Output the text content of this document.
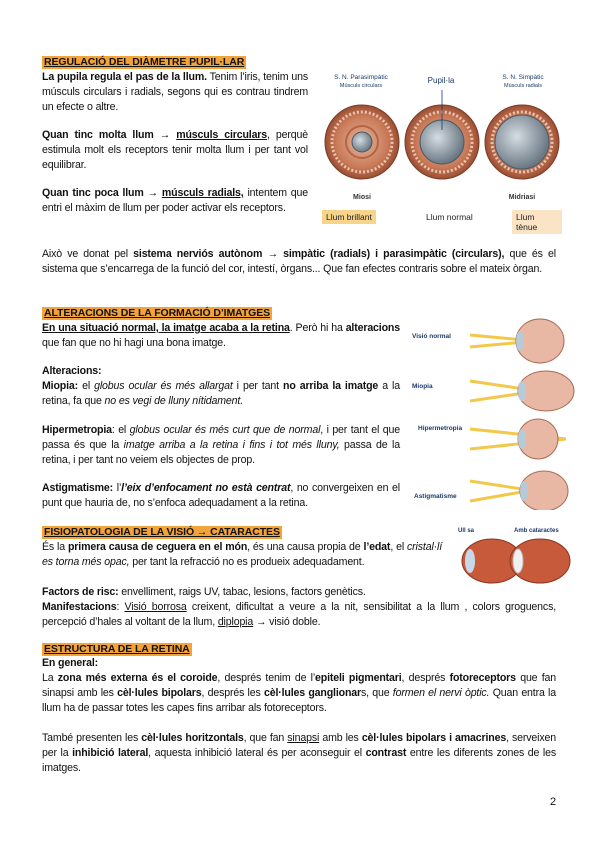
REGULACIÓ DEL DIÀMETRE PUPIL·LAR
La pupila regula el pas de la llum. Tenim l’iris, tenim uns músculs circulars i radials, segons qui es contrau tindrem un efecte o altre.
Quan tinc molta llum → músculs circulars, perquè estimula molt els receptors tenir molta llum i per tant vol equilibrar.
Quan tinc poca llum → músculs radials, intentem que entri el màxim de llum per poder activar els receptors.
Això ve donat pel sistema nerviós autònom → simpàtic (radials) i parasimpàtic (circulars), que és el sistema que s’encarrega de la funció del cor, intestí, òrgans... Que fan efectes contraris sobre el mateix òrgan.
S. N. Parasimpàtic
Músculs circulars
Pupil·la	S. N. Simpàtic
Músculs radials
Miosi	Midriasi
Llum brillant	Llum normal	Llum tènue
ALTERACIONS DE LA FORMACIÓ D’IMATGES
En una situació normal, la imatge acaba a la retina. Però hi ha alteracions que fan que no hi hagi una bona imatge.
Alteracions:
Miopia: el globus ocular és més allargat i per tant no arriba la imatge a la retina, fa que no es vegi de lluny nítidament.
Hipermetropia: el globus ocular és més curt que de normal, i per tant el que passa és que la imatge arriba a la retina i fins i tot més lluny, passa de la retina, i per tant no veiem els objectes de prop.
Astigmatisme: l’l’eix d’enfocament no està centrat, no convergeixen en el punt que hauria de, no s’enfoca adequadament a la retina.
Visió normal
Miopia
Hipermetropia
Astigmatisme
FISIOPATOLOGIA DE LA VISIÓ → CATARACTES
És la primera causa de ceguera en el món, és una causa propia de l’edat, el cristal·lí es torna més opac, per tant la refracció no es produeix adequadament.
Factors de risc: envelliment, raigs UV, tabac, lesions, factors genètics.
Manifestacions: Visió borrosa creixent, dificultat a veure a la nit, sensibilitat a la llum , colors groguencs, percepció d’hales al voltant de la llum, diplopia → visió doble.
Ull sa	Amb cataractes
ESTRUCTURA DE LA RETINA
En general:
La zona més externa és el coroide, després tenim de l’epiteli pigmentari, després fotoreceptors que fan sinapsi amb les cèl·lules bipolars, després les cèl·lules ganglionars, que formen el nervi òptic. Quan entra la llum ha de passar totes les capes fins arribar als fotoreceptors.
També presenten les cèl·lules horitzontals, que fan sinapsi amb les cèl·lules bipolars i amacrines, serveixen per la inhibició lateral, aquesta inhibició lateral és per aconseguir el contrast entre les diferents zones de les imatges.
2
